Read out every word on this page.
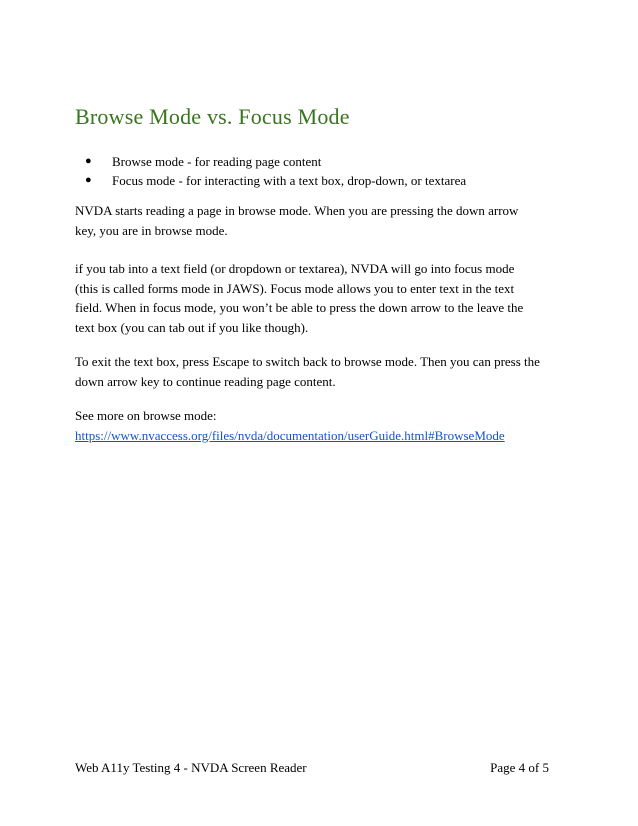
Browse Mode vs. Focus Mode
● Browse mode - for reading page content
● Focus mode - for interacting with a text box, drop-down, or textarea

NVDA starts reading a page in browse mode. When you are pressing the down arrow
key, you are in browse mode.

if you tab into a text field (or dropdown or textarea), NVDA will go into focus mode
(this is called forms mode in JAWS). Focus mode allows you to enter text in the text
field. When in focus mode, you won’t be able to press the down arrow to the leave the
text box (you can tab out if you like though).

To exit the text box, press Escape to switch back to browse mode. Then you can press the
down arrow key to continue reading page content.

See more on browse mode:
https://www.nvaccess.org/files/nvda/documentation/userGuide.html#BrowseMode

Web A11y Testing 4 - NVDA Screen Reader	Page 4 of 5
